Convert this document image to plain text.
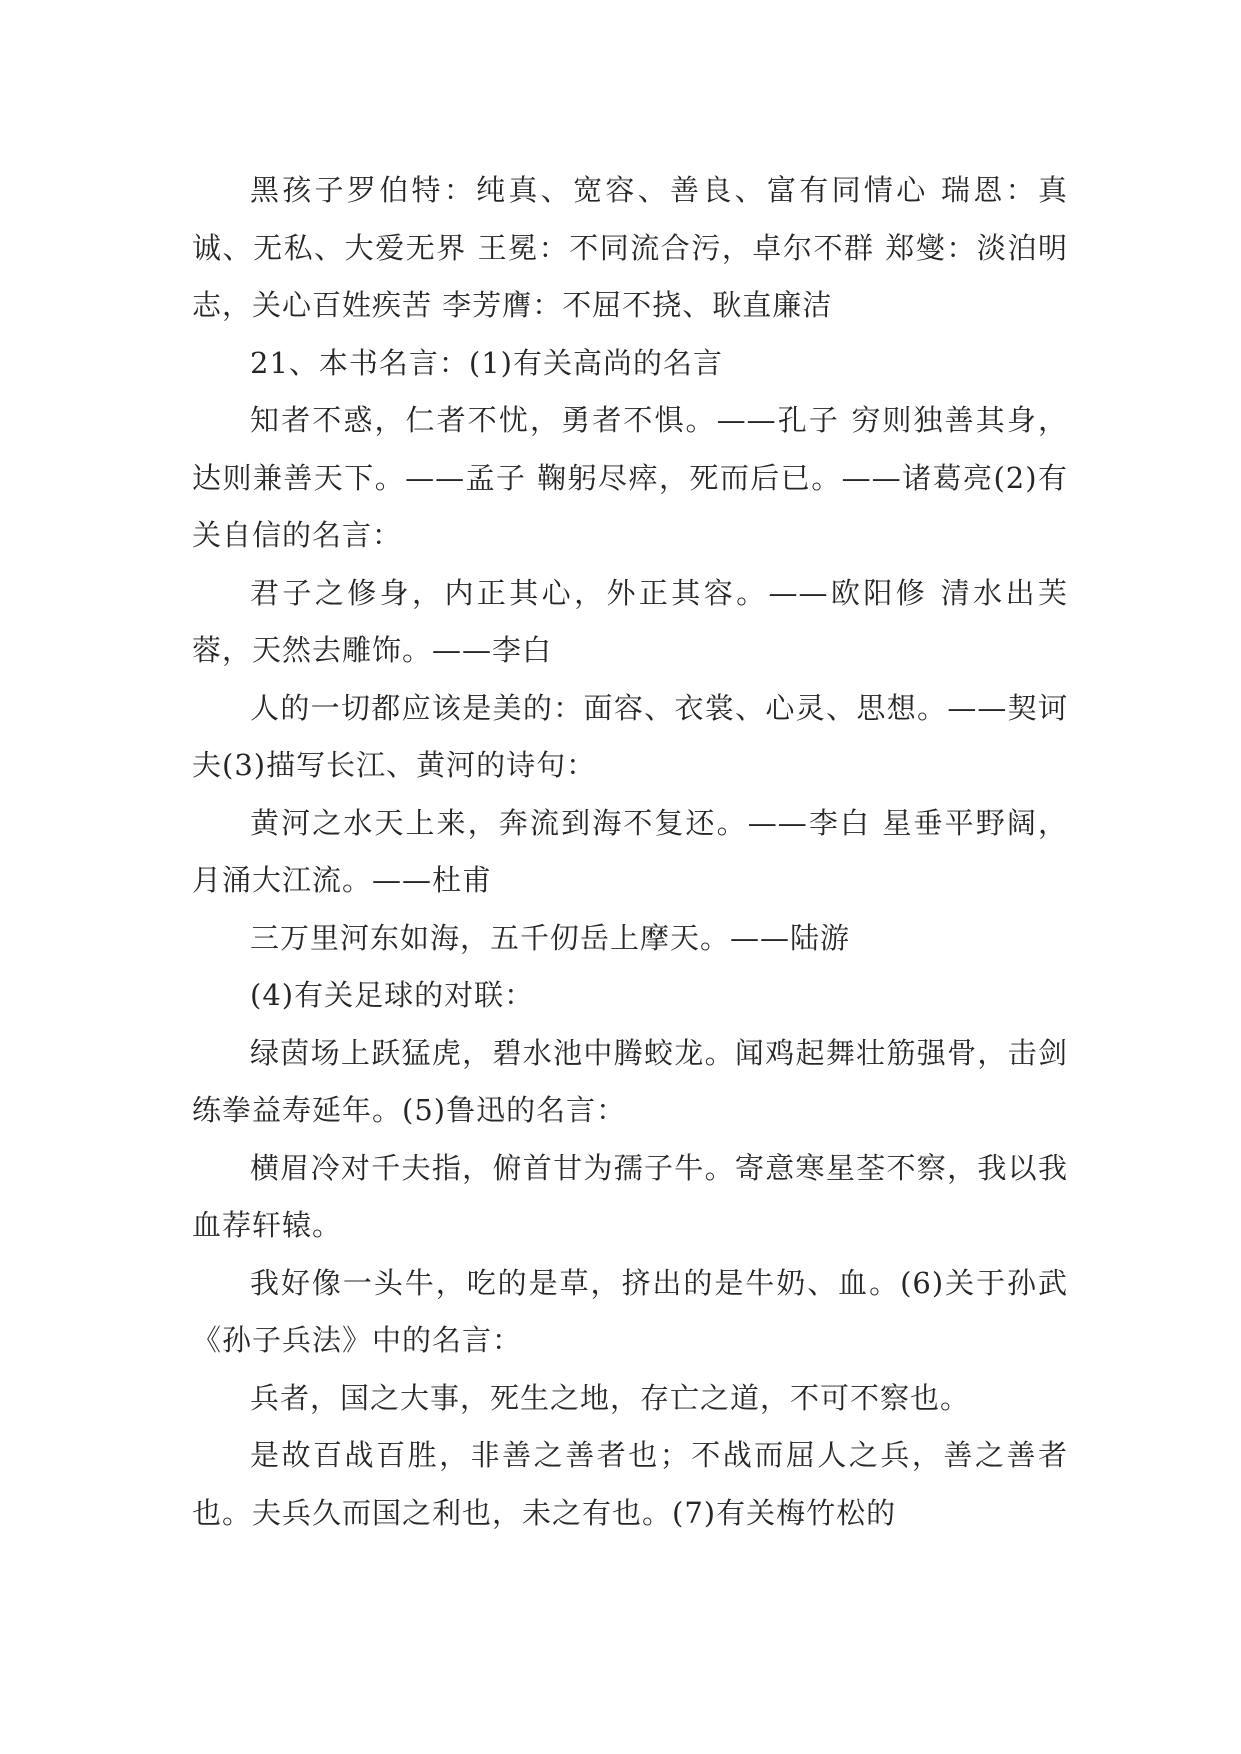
黑孩子罗伯特：纯真、宽容、善良、富有同情心 瑞恩：真诚、无私、大爱无界 王冕：不同流合污，卓尔不群 郑燮：淡泊明志，关心百姓疾苦 李芳膺：不屈不挠、耿直廉洁

21、本书名言：(1)有关高尚的名言

知者不惑，仁者不忧，勇者不惧。——孔子 穷则独善其身，达则兼善天下。——孟子 鞠躬尽瘁，死而后已。——诸葛亮(2)有关自信的名言：

君子之修身，内正其心，外正其容。——欧阳修 清水出芙蓉，天然去雕饰。——李白

人的一切都应该是美的：面容、衣裳、心灵、思想。——契诃夫(3)描写长江、黄河的诗句：

黄河之水天上来，奔流到海不复还。——李白 星垂平野阔，月涌大江流。——杜甫

三万里河东如海，五千仞岳上摩天。——陆游

(4)有关足球的对联：

绿茵场上跃猛虎，碧水池中腾蛟龙。闻鸡起舞壮筋强骨，击剑练拳益寿延年。(5)鲁迅的名言：

横眉冷对千夫指，俯首甘为孺子牛。寄意寒星荃不察，我以我血荐轩辕。

我好像一头牛，吃的是草，挤出的是牛奶、血。(6)关于孙武《孙子兵法》中的名言：

兵者，国之大事，死生之地，存亡之道，不可不察也。

是故百战百胜，非善之善者也；不战而屈人之兵，善之善者也。夫兵久而国之利也，未之有也。(7)有关梅竹松的
